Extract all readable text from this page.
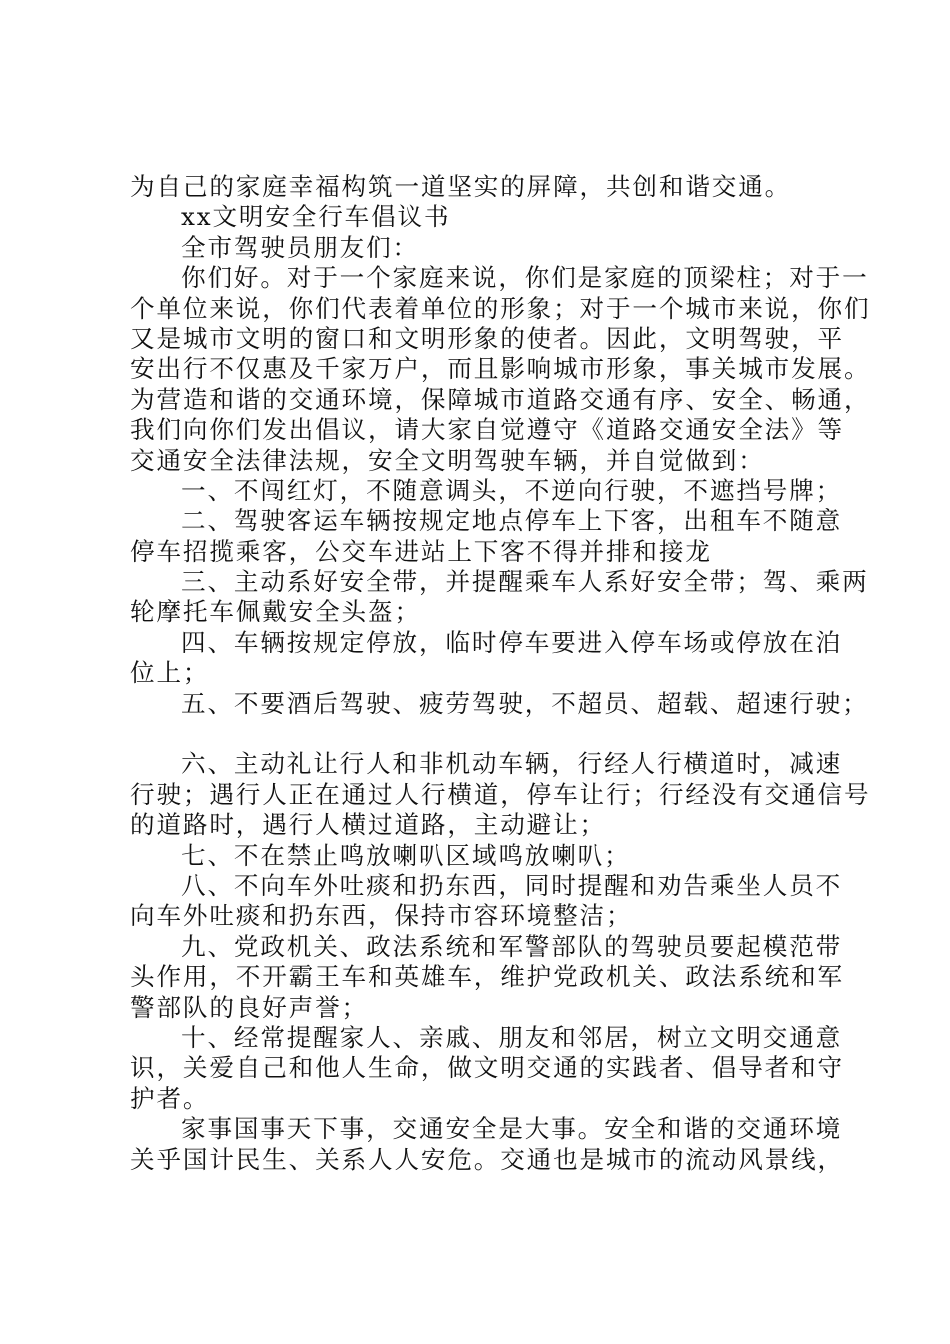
为自己的家庭幸福构筑一道坚实的屏障，共创和谐交通。
xx文明安全行车倡议书
全市驾驶员朋友们：
你们好。对于一个家庭来说，你们是家庭的顶梁柱；对于一
个单位来说，你们代表着单位的形象；对于一个城市来说，你们
又是城市文明的窗口和文明形象的使者。因此，文明驾驶，平
安出行不仅惠及千家万户，而且影响城市形象，事关城市发展。
为营造和谐的交通环境，保障城市道路交通有序、安全、畅通，
我们向你们发出倡议，请大家自觉遵守《道路交通安全法》等
交通安全法律法规，安全文明驾驶车辆，并自觉做到：
一、不闯红灯，不随意调头，不逆向行驶，不遮挡号牌；
二、驾驶客运车辆按规定地点停车上下客，出租车不随意
停车招揽乘客，公交车进站上下客不得并排和接龙
三、主动系好安全带，并提醒乘车人系好安全带；驾、乘两
轮摩托车佩戴安全头盔；
四、车辆按规定停放，临时停车要进入停车场或停放在泊
位上；
五、不要酒后驾驶、疲劳驾驶，不超员、超载、超速行驶；
六、主动礼让行人和非机动车辆，行经人行横道时，减速
行驶；遇行人正在通过人行横道，停车让行；行经没有交通信号
的道路时，遇行人横过道路，主动避让；
七、不在禁止鸣放喇叭区域鸣放喇叭；
八、不向车外吐痰和扔东西，同时提醒和劝告乘坐人员不
向车外吐痰和扔东西，保持市容环境整洁；
九、党政机关、政法系统和军警部队的驾驶员要起模范带
头作用，不开霸王车和英雄车，维护党政机关、政法系统和军
警部队的良好声誉；
十、经常提醒家人、亲戚、朋友和邻居，树立文明交通意
识，关爱自己和他人生命，做文明交通的实践者、倡导者和守
护者。
家事国事天下事，交通安全是大事。安全和谐的交通环境
关乎国计民生、关系人人安危。交通也是城市的流动风景线，
